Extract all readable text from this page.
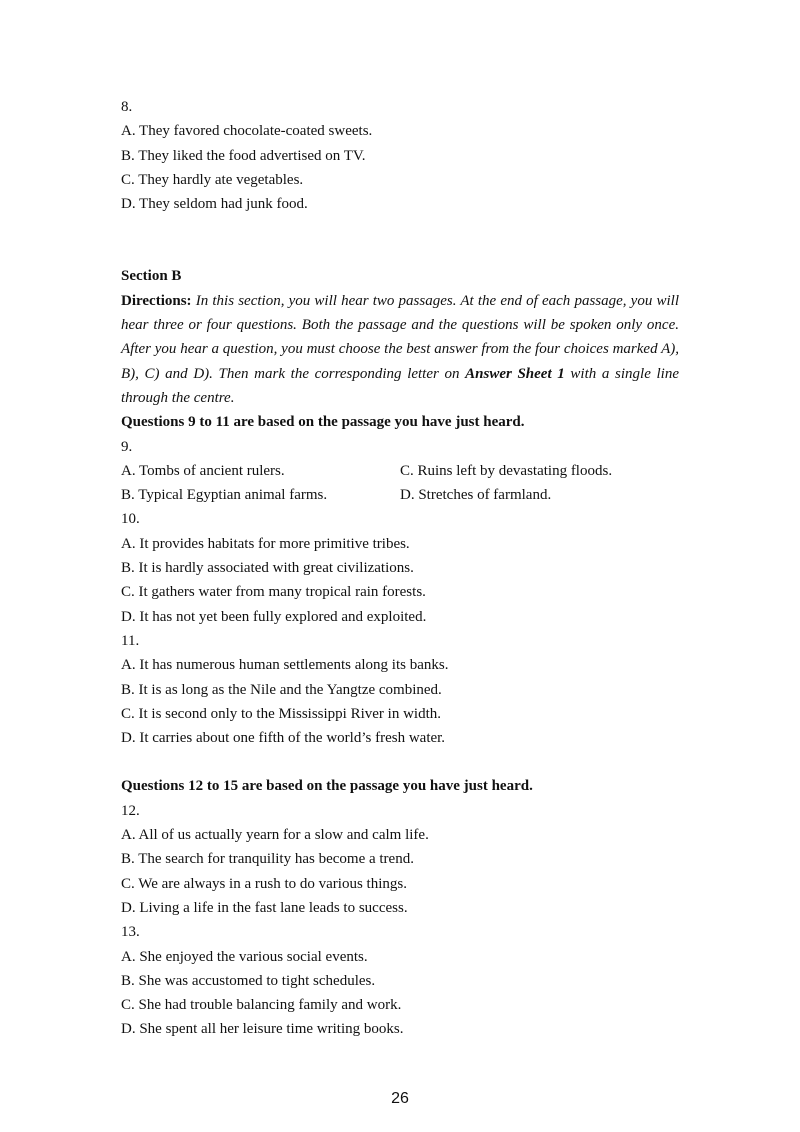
8.
A. They favored chocolate-coated sweets.
B. They liked the food advertised on TV.
C. They hardly ate vegetables.
D. They seldom had junk food.
Section B
Directions: In this section, you will hear two passages. At the end of each passage, you will hear three or four questions. Both the passage and the questions will be spoken only once. After you hear a question, you must choose the best answer from the four choices marked A), B), C) and D). Then mark the corresponding letter on Answer Sheet 1 with a single line through the centre.
Questions 9 to 11 are based on the passage you have just heard.
9.
A. Tombs of ancient rulers.	C. Ruins left by devastating floods.
B. Typical Egyptian animal farms.	D. Stretches of farmland.
10.
A. It provides habitats for more primitive tribes.
B. It is hardly associated with great civilizations.
C. It gathers water from many tropical rain forests.
D. It has not yet been fully explored and exploited.
11.
A. It has numerous human settlements along its banks.
B. It is as long as the Nile and the Yangtze combined.
C. It is second only to the Mississippi River in width.
D. It carries about one fifth of the world’s fresh water.
Questions 12 to 15 are based on the passage you have just heard.
12.
A. All of us actually yearn for a slow and calm life.
B. The search for tranquility has become a trend.
C. We are always in a rush to do various things.
D. Living a life in the fast lane leads to success.
13.
A. She enjoyed the various social events.
B. She was accustomed to tight schedules.
C. She had trouble balancing family and work.
D. She spent all her leisure time writing books.
26
